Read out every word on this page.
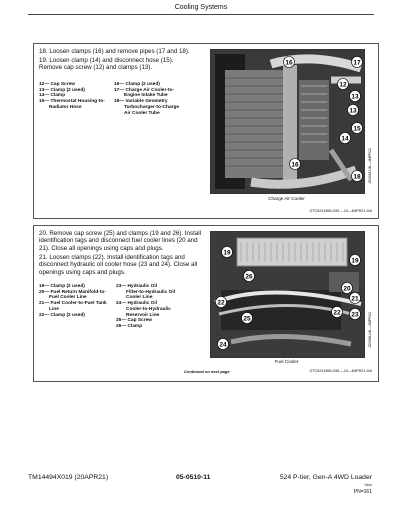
Cooling Systems

18. Loosen clamps (16) and remove pipes (17 and 18).

19. Loosen clamp (14) and disconnect hose (15). Remove cap screw (12) and clamps (13).

12— Cap Screw
13— Clamp (2 used)
14— Clamp
15— Thermostat Housing-to-
Radiator Hose
16— Clamp (2 used)
17— Charge Air Cooler-to-
Engine Intake Tube
18— Variable Geometry
Turbocharger-to-Charge
Air Cooler Tube
16	17
12
13
14
15
16
18
13
JO0XM-UN—4MPR21
Charge Air Cooler
OTO3241966×259 —19—4MPR21-A/6

20. Remove cap screw (25) and clamps (19 and 26). Install identification tags and disconnect fuel cooler lines (20 and 21). Close all openings using caps and plugs.

21. Loosen clamps (22). Install identification tags and disconnect hydraulic oil cooler hose (23 and 24). Close all openings using caps and plugs.

19— Clamp (2 used)
20— Fuel Return Manifold-to-
Fuel Cooler Line
21— Fuel Cooler-to-Fuel Tank
Line
22— Clamp (2 used)
23— Hydraulic Oil
Filter-to-Hydraulic Oil
Cooler Line
24— Hydraulic Oil
Cooler-to-Hydraulic
Reservoir Line
25— Cap Screw
26— Clamp
19
19
26
20
21
22
25
22 23
24	JO0XM-UN—4MPR21
Fuel Cooler
Continued on next page	OTO3241966×258 —19—4MPR21-A/6
TM14494X019 (20APR21)	05-0510-11	524 P-tier, Gen-A 4WD Loader
0xxx
PN=161
